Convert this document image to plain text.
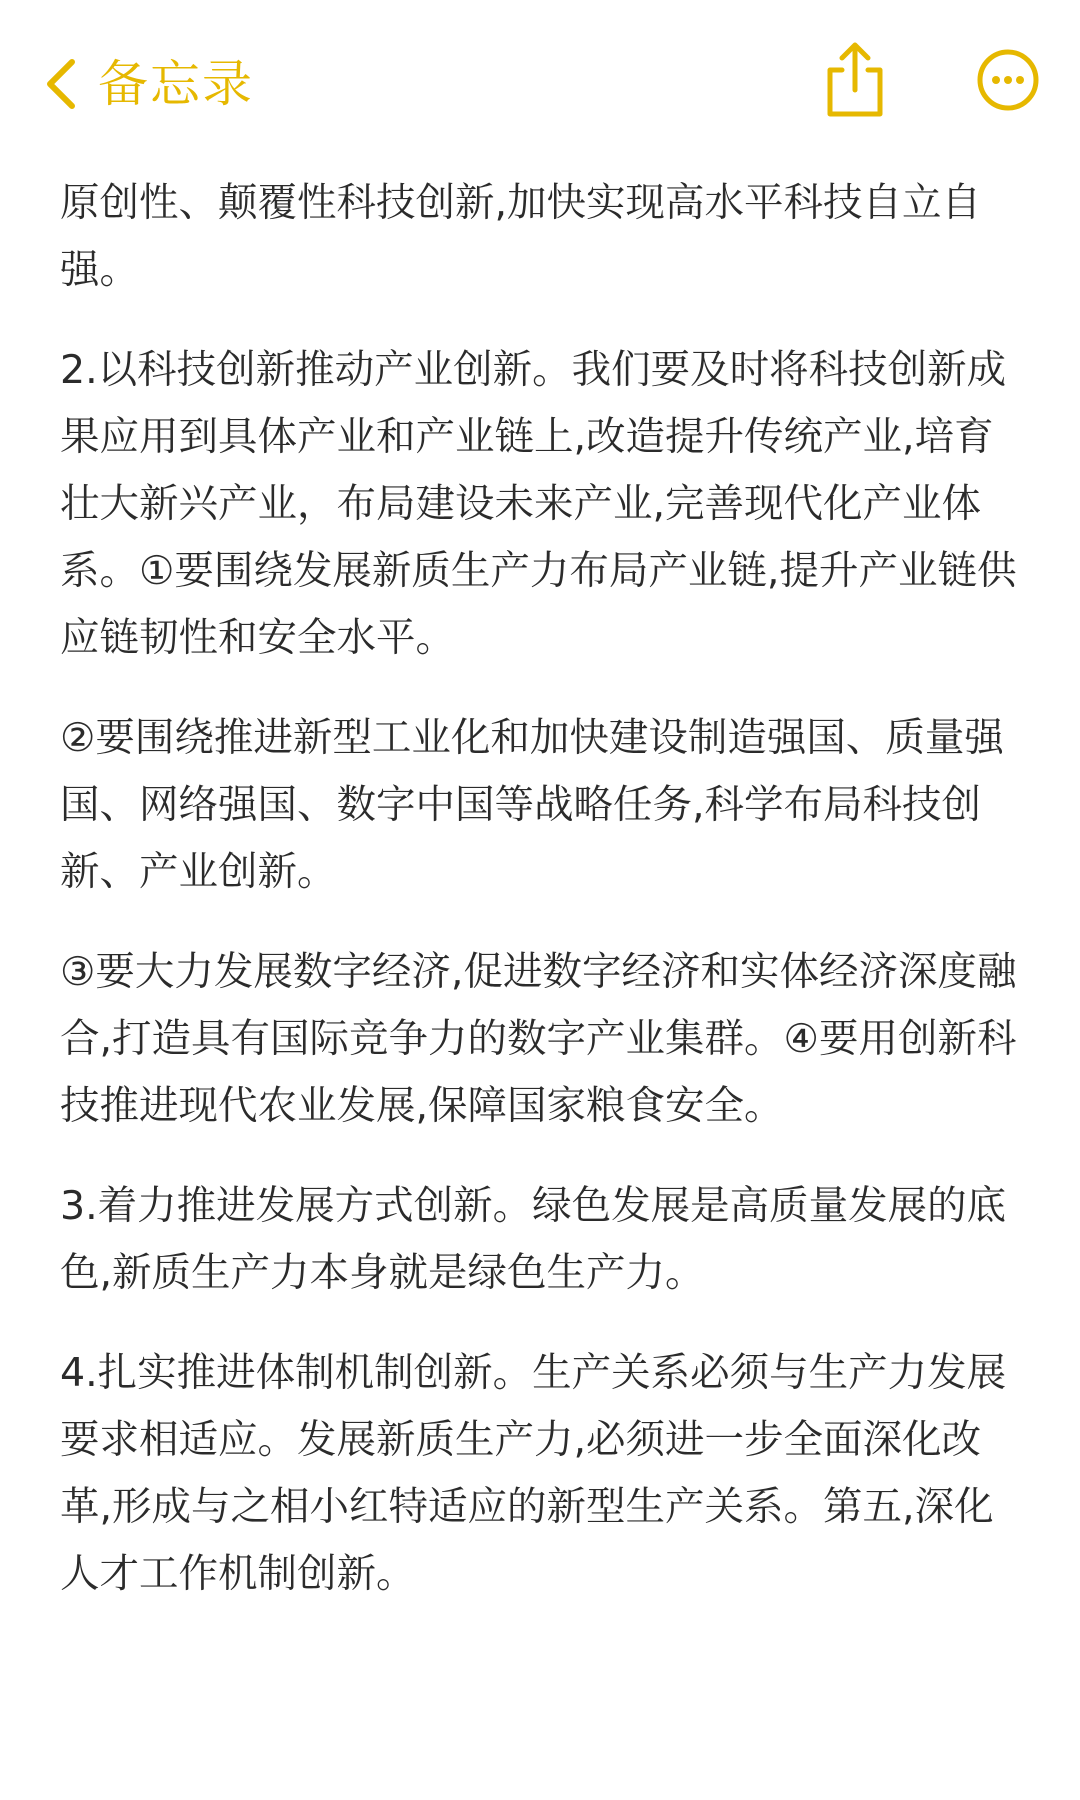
备忘录

原创性、颠覆性科技创新,加快实现高水平科技自立自强。

2.以科技创新推动产业创新。我们要及时将科技创新成果应用到具体产业和产业链上,改造提升传统产业,培育壮大新兴产业，布局建设未来产业,完善现代化产业体系。①要围绕发展新质生产力布局产业链,提升产业链供应链韧性和安全水平。

②要围绕推进新型工业化和加快建设制造强国、质量强国、网络强国、数字中国等战略任务,科学布局科技创新、产业创新。

③要大力发展数字经济,促进数字经济和实体经济深度融合,打造具有国际竞争力的数字产业集群。④要用创新科技推进现代农业发展,保障国家粮食安全。

3.着力推进发展方式创新。绿色发展是高质量发展的底色,新质生产力本身就是绿色生产力。

4.扎实推进体制机制创新。生产关系必须与生产力发展要求相适应。发展新质生产力,必须进一步全面深化改革,形成与之相小红特适应的新型生产关系。第五,深化人才工作机制创新。
